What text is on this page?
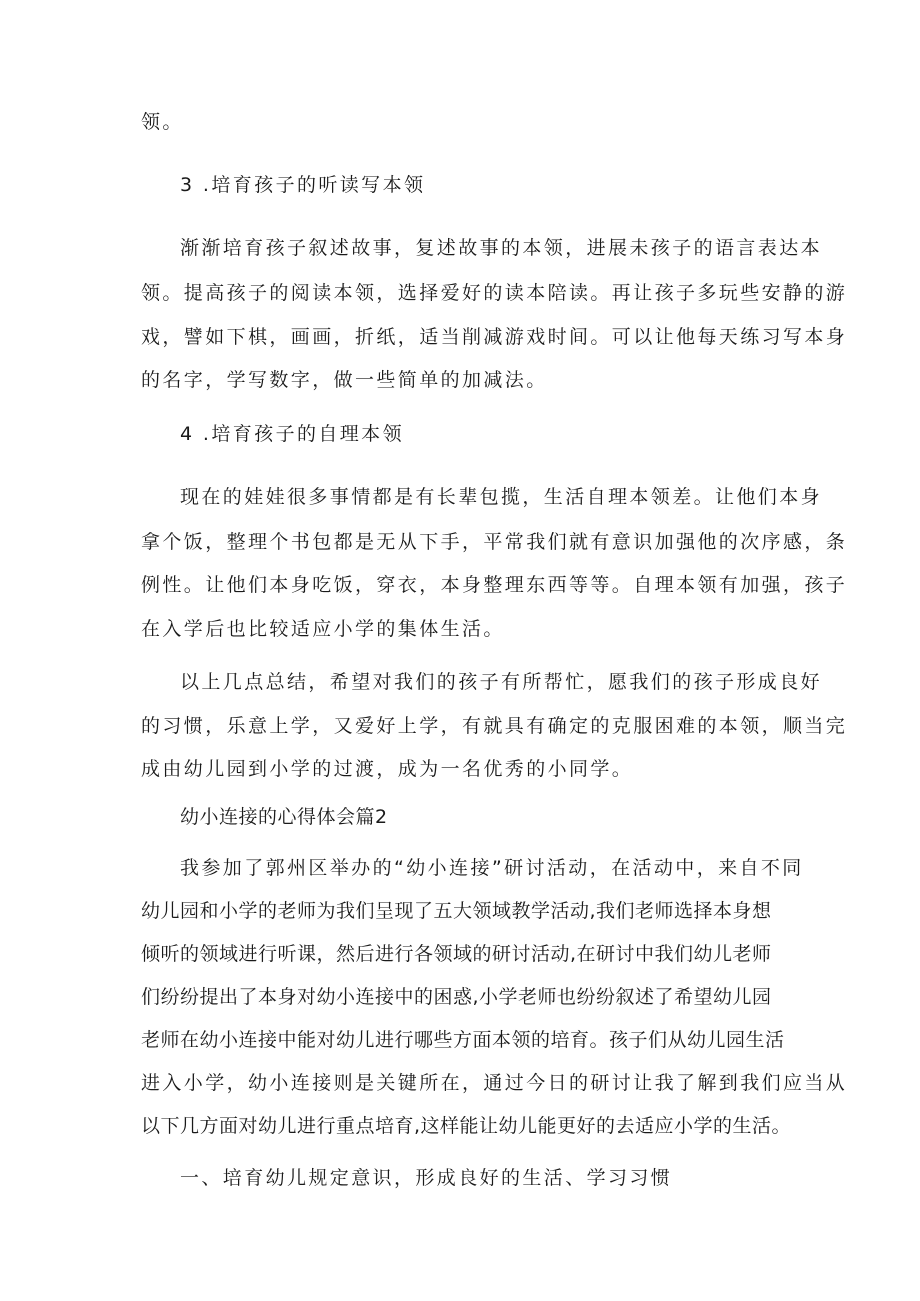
领。
3 .培育孩子的听读写本领
渐渐培育孩子叙述故事，复述故事的本领，进展未孩子的语言表达本
领。提高孩子的阅读本领，选择爱好的读本陪读。再让孩子多玩些安静的游
戏，譬如下棋，画画，折纸，适当削减游戏时间。可以让他每天练习写本身
的名字，学写数字，做一些简单的加减法。
4 .培育孩子的自理本领
现在的娃娃很多事情都是有长辈包揽，生活自理本领差。让他们本身
拿个饭，整理个书包都是无从下手，平常我们就有意识加强他的次序感，条
例性。让他们本身吃饭，穿衣，本身整理东西等等。自理本领有加强，孩子
在入学后也比较适应小学的集体生活。
以上几点总结，希望对我们的孩子有所帮忙，愿我们的孩子形成良好
的习惯，乐意上学，又爱好上学，有就具有确定的克服困难的本领，顺当完
成由幼儿园到小学的过渡，成为一名优秀的小同学。
幼小连接的心得体会篇2
我参加了郭州区举办的“幼小连接”研讨活动，在活动中，来自不同
幼儿园和小学的老师为我们呈现了五大领域教学活动,我们老师选择本身想
倾听的领域进行听课，然后进行各领域的研讨活动,在研讨中我们幼儿老师
们纷纷提出了本身对幼小连接中的困惑,小学老师也纷纷叙述了希望幼儿园
老师在幼小连接中能对幼儿进行哪些方面本领的培育。孩子们从幼儿园生活
进入小学，幼小连接则是关键所在，通过今日的研讨让我了解到我们应当从
以下几方面对幼儿进行重点培育,这样能让幼儿能更好的去适应小学的生活。
一、培育幼儿规定意识，形成良好的生活、学习习惯
